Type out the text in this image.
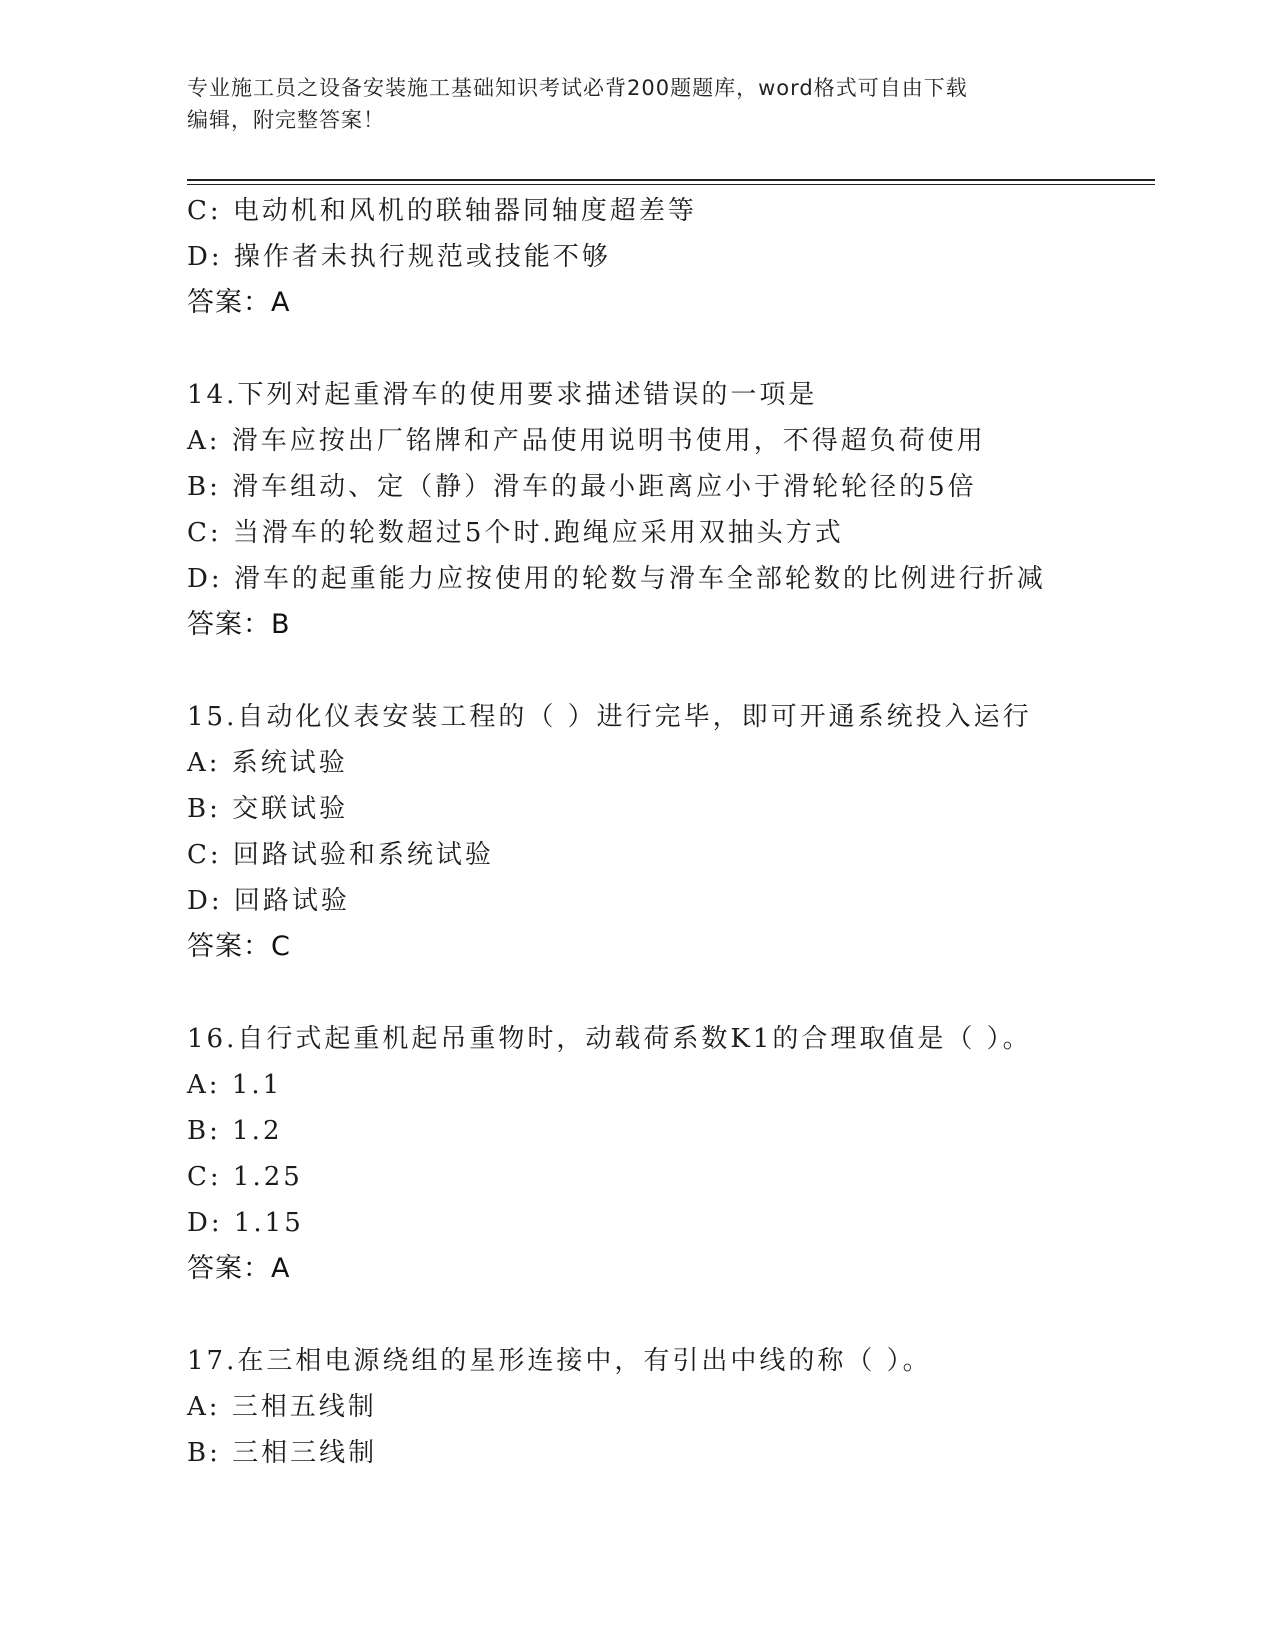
专业施工员之设备安装施工基础知识考试必背200题题库，word格式可自由下载
编辑，附完整答案！
C: 电动机和风机的联轴器同轴度超差等
D: 操作者未执行规范或技能不够
答案：A
14.下列对起重滑车的使用要求描述错误的一项是
A: 滑车应按出厂铭牌和产品使用说明书使用，不得超负荷使用
B: 滑车组动、定（静）滑车的最小距离应小于滑轮轮径的5倍
C: 当滑车的轮数超过5个时.跑绳应采用双抽头方式
D: 滑车的起重能力应按使用的轮数与滑车全部轮数的比例进行折减
答案：B
15.自动化仪表安装工程的（ ）进行完毕，即可开通系统投入运行
A: 系统试验
B: 交联试验
C: 回路试验和系统试验
D: 回路试验
答案：C
16.自行式起重机起吊重物时，动载荷系数K1的合理取值是（ ）。
A: 1.1
B: 1.2
C: 1.25
D: 1.15
答案：A
17.在三相电源绕组的星形连接中，有引出中线的称（ ）。
A: 三相五线制
B: 三相三线制
